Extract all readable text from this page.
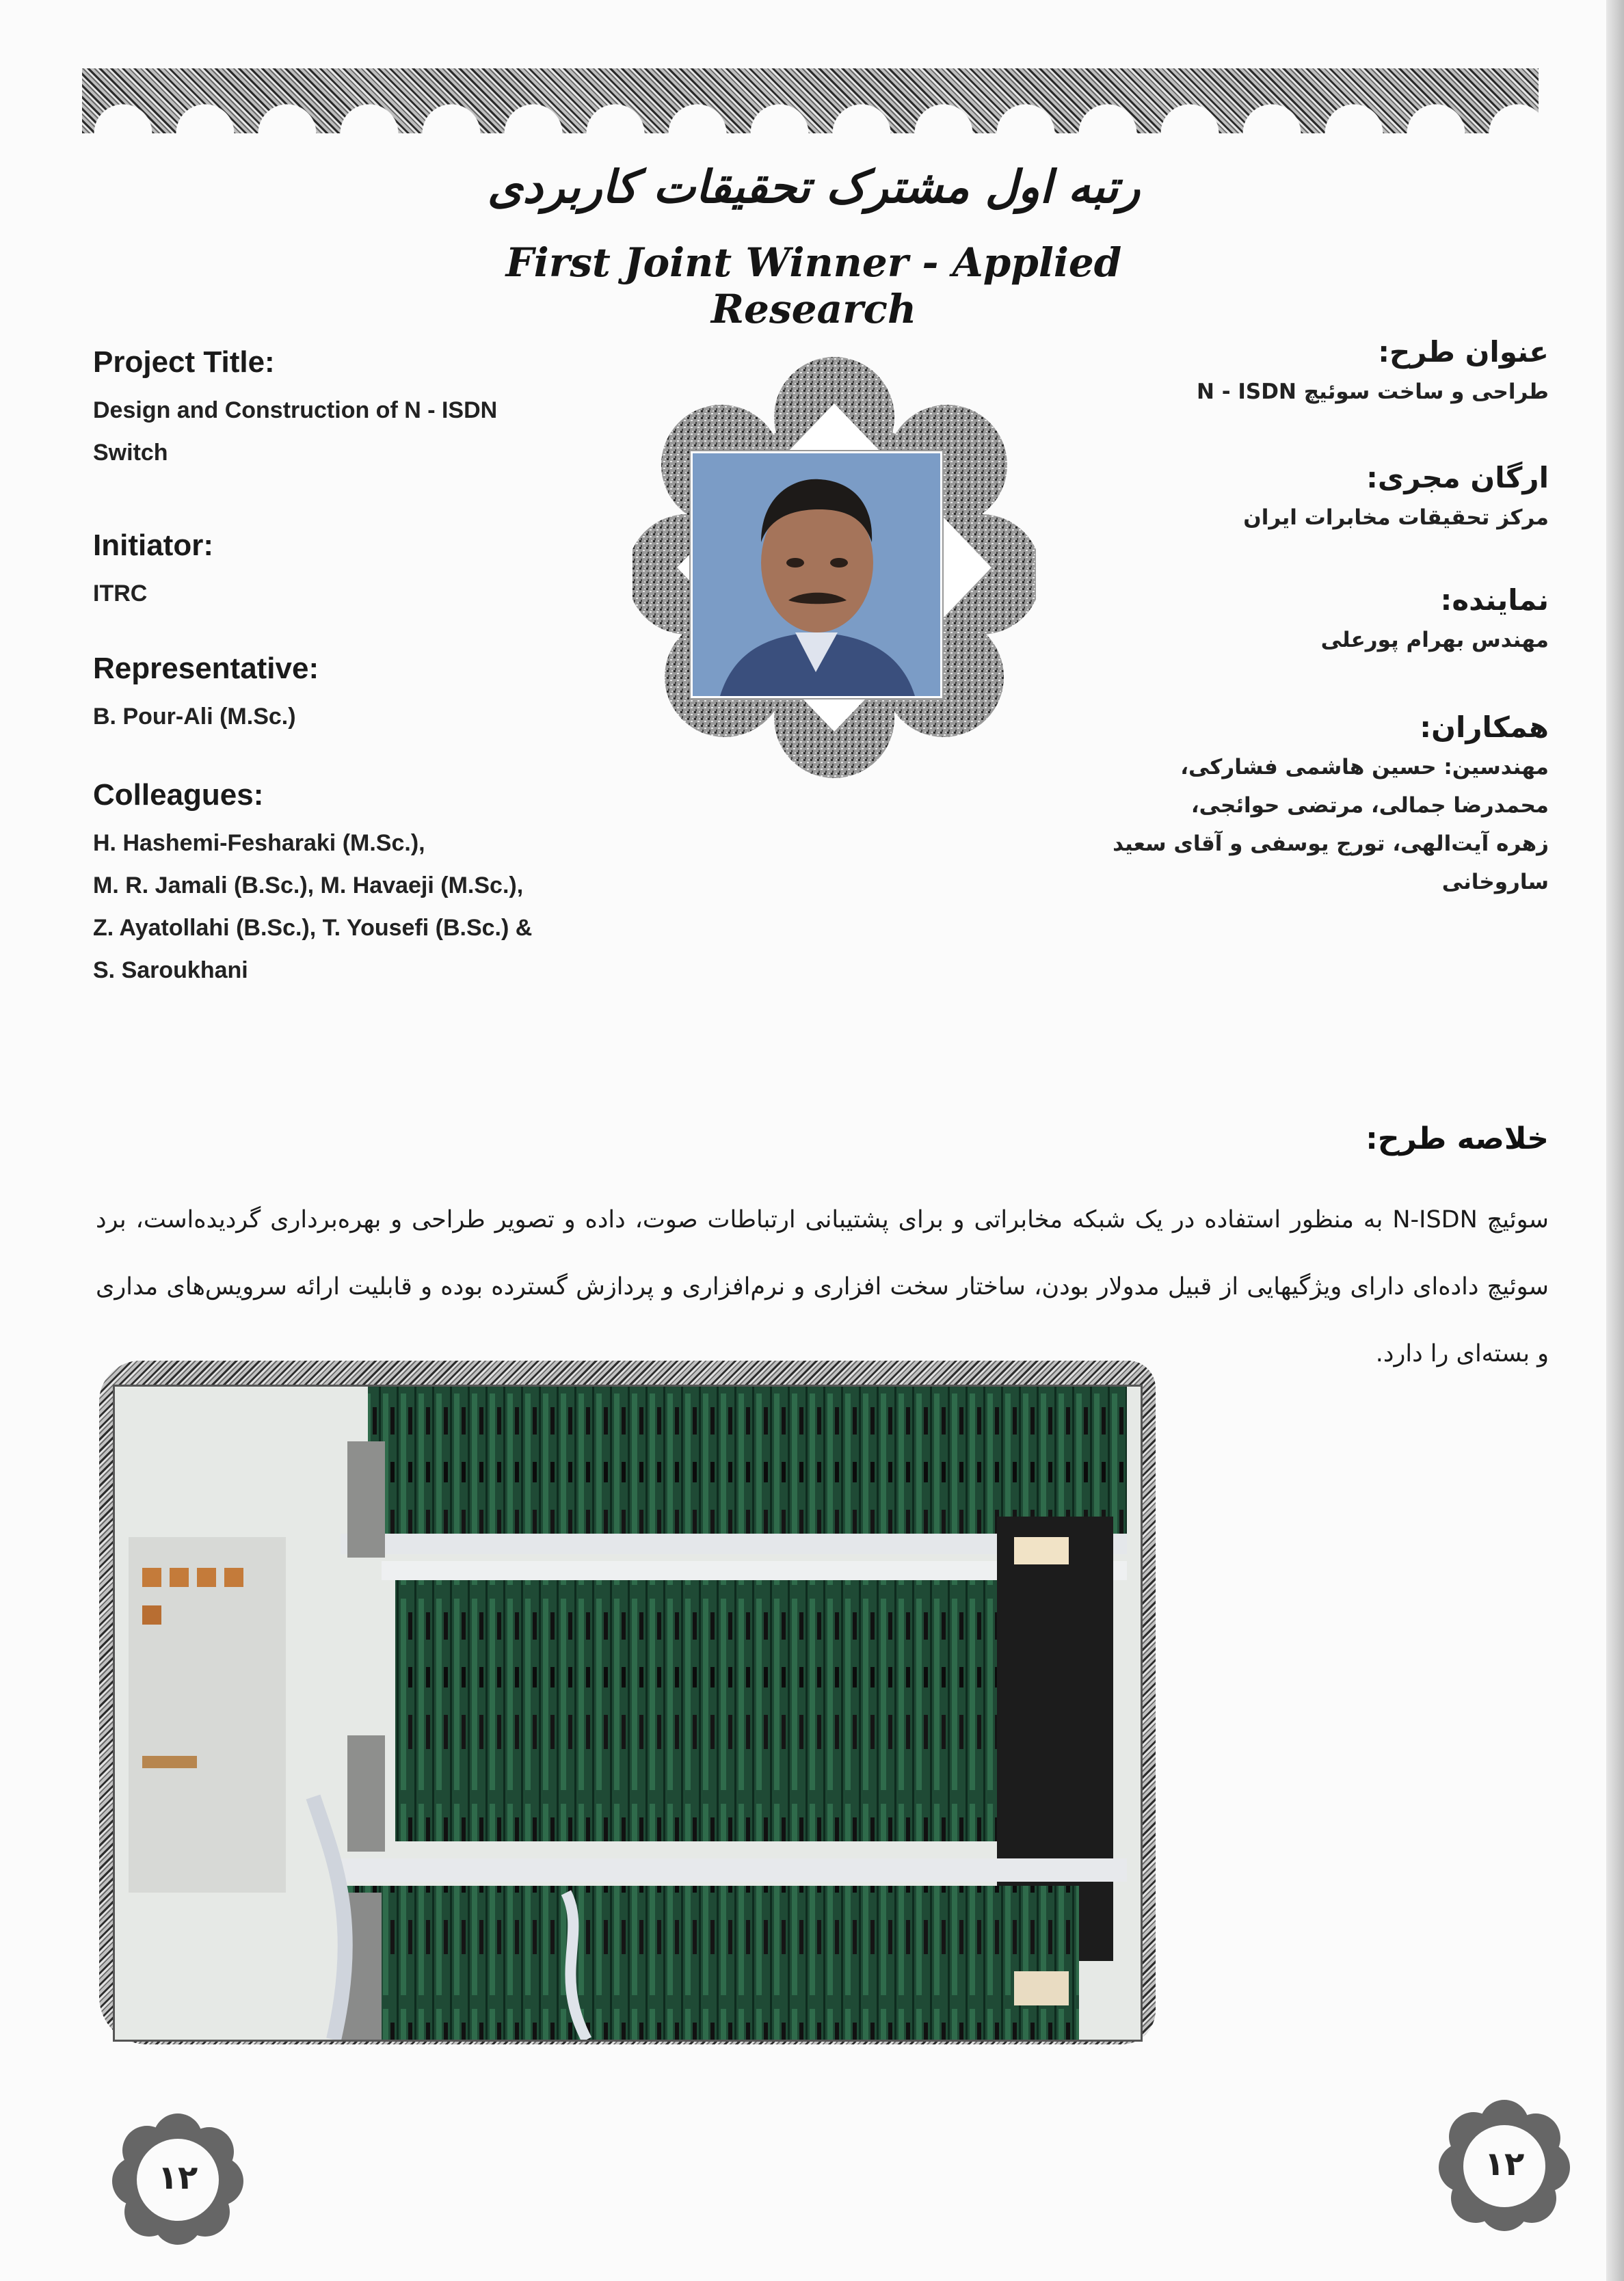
رتبه اول مشترک تحقیقات کاربردی
First Joint Winner - Applied Research
Project Title:
Design and Construction of N - ISDN
Switch
Initiator:
ITRC
Representative:
B. Pour-Ali (M.Sc.)
Colleagues:
H. Hashemi-Fesharaki (M.Sc.),
M. R. Jamali (B.Sc.), M. Havaeji (M.Sc.),
Z. Ayatollahi (B.Sc.), T. Yousefi (B.Sc.) &
S. Saroukhani
عنوان طرح:
طراحی و ساخت سوئیچ N - ISDN
ارگان مجری:
مرکز تحقیقات مخابرات ایران
نماینده:
مهندس بهرام پورعلی
همکاران:
مهندسین: حسین هاشمی فشارکی،
محمدرضا جمالی، مرتضی حوائجی،
زهره آیت‌الهی، تورج یوسفی و آقای سعید ساروخانی
خلاصه طرح:
سوئیچ N-ISDN به منظور استفاده در یک شبکه مخابراتی و برای پشتیبانی ارتباطات صوت، داده و تصویر طراحی و بهره‌برداری گردیده‌است، برد سوئیچ داده‌ای دارای ویژگیهایی از قبیل مدولار بودن، ساختار سخت افزاری و نرم‌افزاری و پردازش گسترده بوده و قابلیت ارائه سرویس‌های مداری و بسته‌ای را دارد.
۱۲	۱۲
